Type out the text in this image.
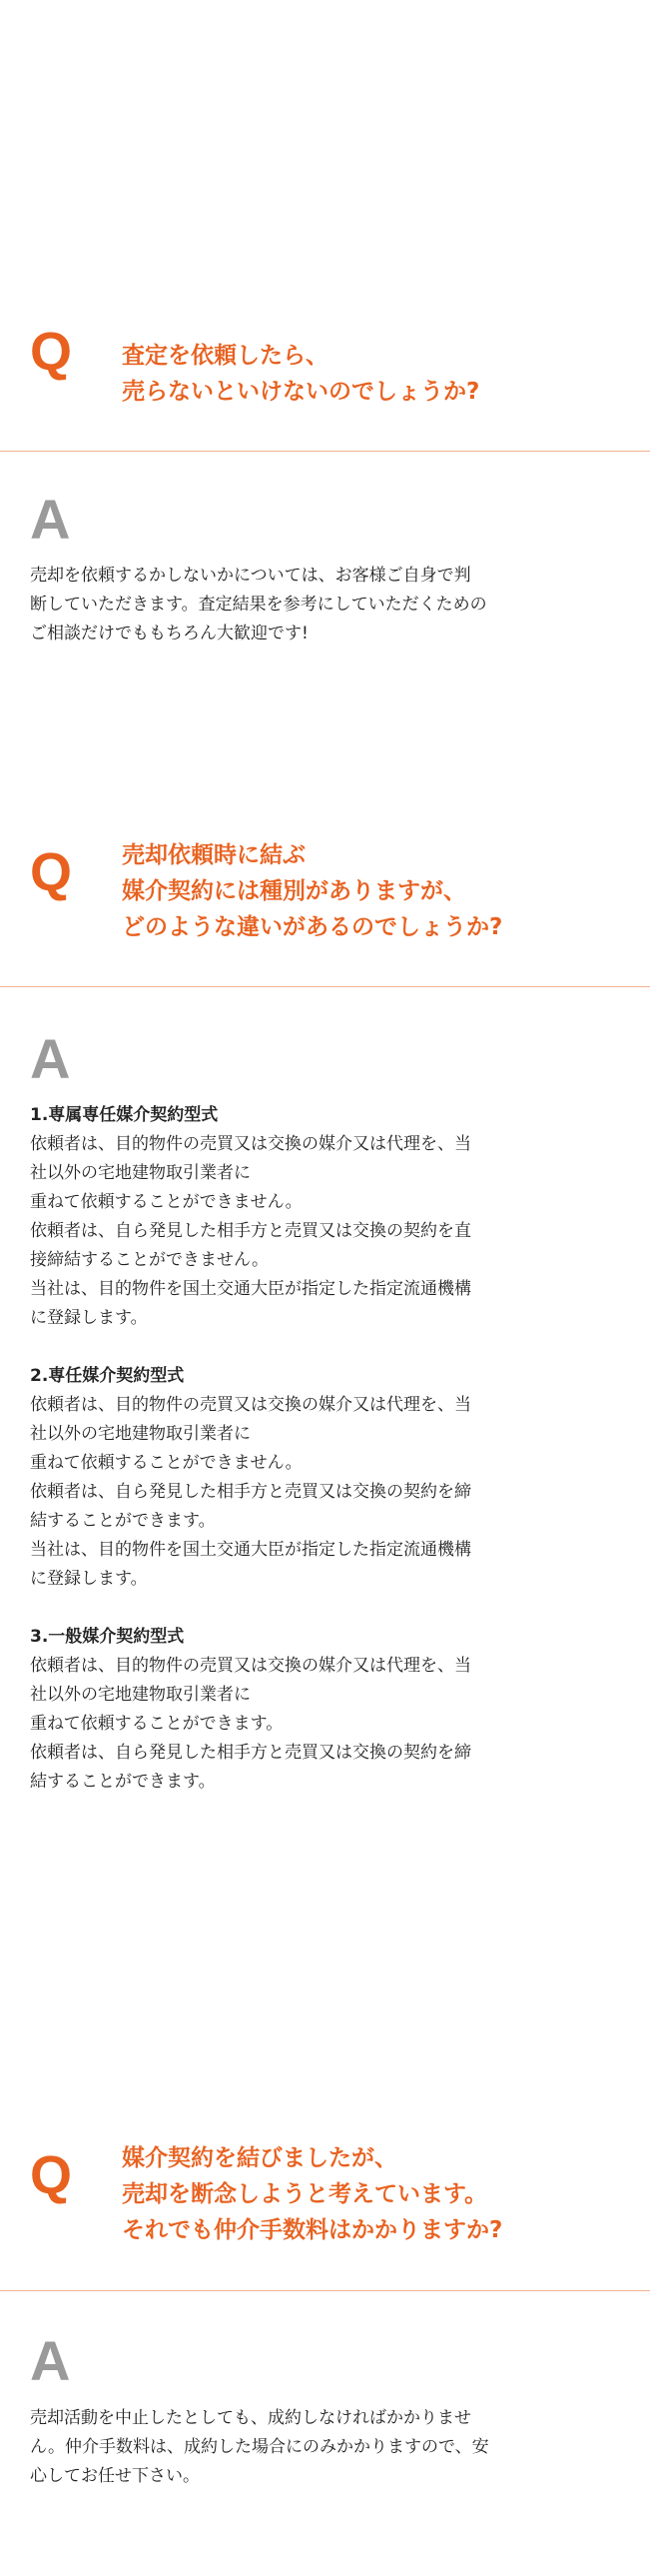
Q 査定を依頼したら、
売らないといけないのでしょうか?
A

売却を依頼するかしないかについては、お客様ご自身で判

断していただきます。査定結果を参考にしていただくための

ご相談だけでももちろん大歓迎です!

Q 売却依頼時に結ぶ
媒介契約には種別がありますが、
どのような違いがあるのでしょうか?
A

1.専属専任媒介契約型式

依頼者は、目的物件の売買又は交換の媒介又は代理を、当

社以外の宅地建物取引業者に

重ねて依頼することができません。

依頼者は、自ら発見した相手方と売買又は交換の契約を直

接締結することができません。

当社は、目的物件を国土交通大臣が指定した指定流通機構

に登録します。

2.専任媒介契約型式

依頼者は、目的物件の売買又は交換の媒介又は代理を、当

社以外の宅地建物取引業者に

重ねて依頼することができません。

依頼者は、自ら発見した相手方と売買又は交換の契約を締

結することができます。

当社は、目的物件を国土交通大臣が指定した指定流通機構

に登録します。

3.一般媒介契約型式

依頼者は、目的物件の売買又は交換の媒介又は代理を、当

社以外の宅地建物取引業者に

重ねて依頼することができます。

依頼者は、自ら発見した相手方と売買又は交換の契約を締

結することができます。

Q 媒介契約を結びましたが、
売却を断念しようと考えています。
それでも仲介手数料はかかりますか?
A

売却活動を中止したとしても、成約しなければかかりませ

ん。仲介手数料は、成約した場合にのみかかりますので、安

心してお任せ下さい。
